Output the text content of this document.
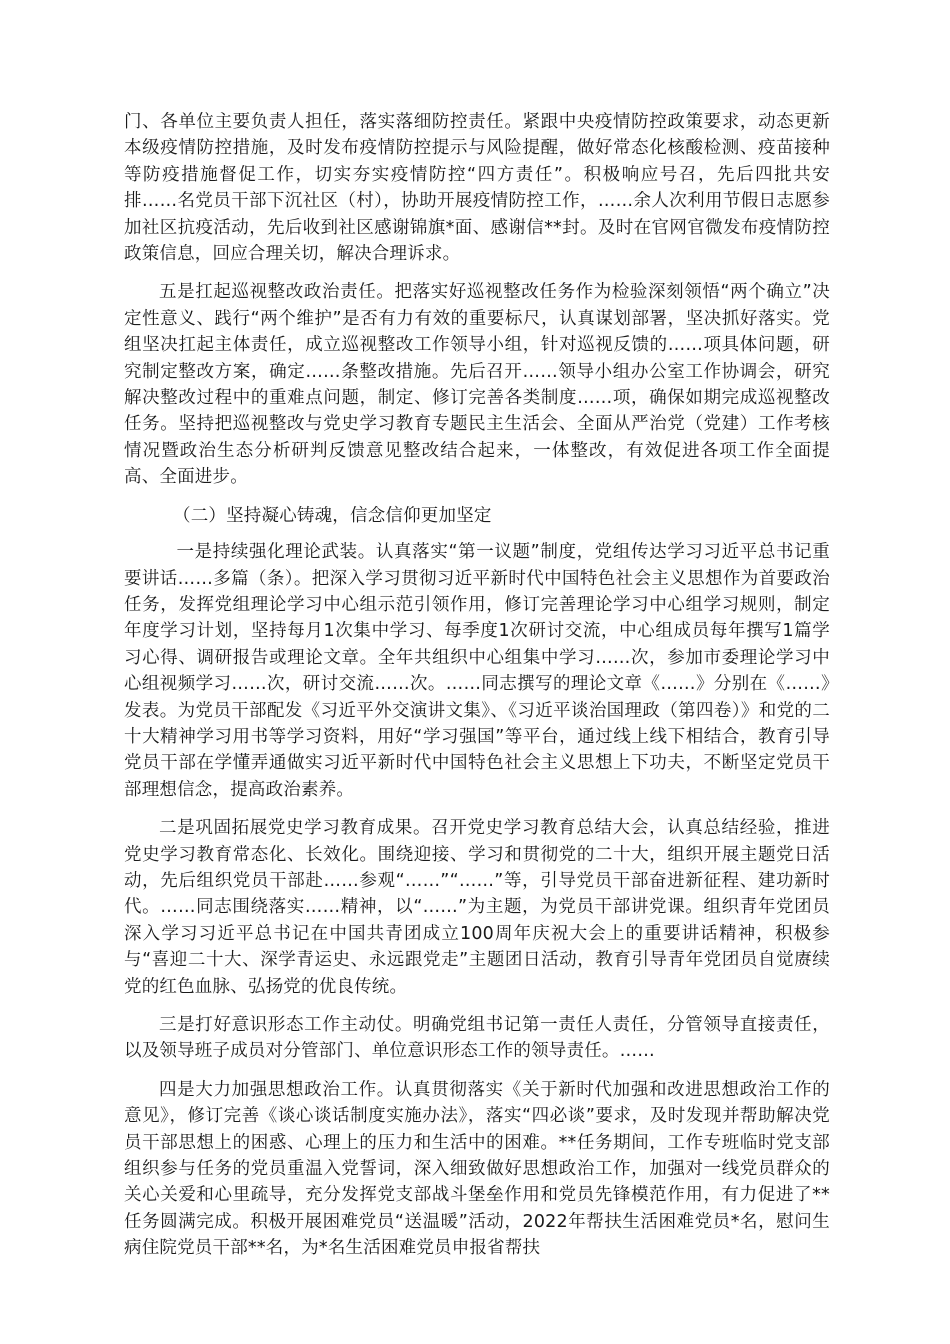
门、各单位主要负责人担任，落实落细防控责任。紧跟中央疫情防控政策要求，动态更新本级疫情防控措施，及时发布疫情防控提示与风险提醒，做好常态化核酸检测、疫苗接种等防疫措施督促工作，切实夯实疫情防控“四方责任”。积极响应号召，先后四批共安排……名党员干部下沉社区（村），协助开展疫情防控工作，……余人次利用节假日志愿参加社区抗疫活动，先后收到社区感谢锦旗*面、感谢信**封。及时在官网官微发布疫情防控政策信息，回应合理关切，解决合理诉求。

五是扛起巡视整改政治责任。把落实好巡视整改任务作为检验深刻领悟“两个确立”决定性意义、践行“两个维护”是否有力有效的重要标尺，认真谋划部署，坚决抓好落实。党组坚决扛起主体责任，成立巡视整改工作领导小组，针对巡视反馈的……项具体问题，研究制定整改方案，确定……条整改措施。先后召开……领导小组办公室工作协调会，研究解决整改过程中的重难点问题，制定、修订完善各类制度……项，确保如期完成巡视整改任务。坚持把巡视整改与党史学习教育专题民主生活会、全面从严治党（党建）工作考核情况暨政治生态分析研判反馈意见整改结合起来，一体整改，有效促进各项工作全面提高、全面进步。

（二）坚持凝心铸魂，信念信仰更加坚定

一是持续强化理论武装。认真落实“第一议题”制度，党组传达学习习近平总书记重要讲话……多篇（条）。把深入学习贯彻习近平新时代中国特色社会主义思想作为首要政治任务，发挥党组理论学习中心组示范引领作用，修订完善理论学习中心组学习规则，制定年度学习计划，坚持每月1次集中学习、每季度1次研讨交流，中心组成员每年撰写1篇学习心得、调研报告或理论文章。全年共组织中心组集中学习……次，参加市委理论学习中心组视频学习……次，研讨交流……次。……同志撰写的理论文章《……》分别在《……》发表。为党员干部配发《习近平外交演讲文集》、《习近平谈治国理政（第四卷）》和党的二十大精神学习用书等学习资料，用好“学习强国”等平台，通过线上线下相结合，教育引导党员干部在学懂弄通做实习近平新时代中国特色社会主义思想上下功夫，不断坚定党员干部理想信念，提高政治素养。

二是巩固拓展党史学习教育成果。召开党史学习教育总结大会，认真总结经验，推进党史学习教育常态化、长效化。围绕迎接、学习和贯彻党的二十大，组织开展主题党日活动，先后组织党员干部赴……参观“……”“……”等，引导党员干部奋进新征程、建功新时代。……同志围绕落实……精神，以“……”为主题，为党员干部讲党课。组织青年党团员深入学习习近平总书记在中国共青团成立100周年庆祝大会上的重要讲话精神，积极参与“喜迎二十大、深学青运史、永远跟党走”主题团日活动，教育引导青年党团员自觉赓续党的红色血脉、弘扬党的优良传统。

三是打好意识形态工作主动仗。明确党组书记第一责任人责任，分管领导直接责任，以及领导班子成员对分管部门、单位意识形态工作的领导责任。……

四是大力加强思想政治工作。认真贯彻落实《关于新时代加强和改进思想政治工作的意见》，修订完善《谈心谈话制度实施办法》，落实“四必谈”要求，及时发现并帮助解决党员干部思想上的困惑、心理上的压力和生活中的困难。**任务期间，工作专班临时党支部组织参与任务的党员重温入党誓词，深入细致做好思想政治工作，加强对一线党员群众的关心关爱和心里疏导，充分发挥党支部战斗堡垒作用和党员先锋模范作用，有力促进了**任务圆满完成。积极开展困难党员“送温暖”活动，2022年帮扶生活困难党员*名，慰问生病住院党员干部**名，为*名生活困难党员申报省帮扶
